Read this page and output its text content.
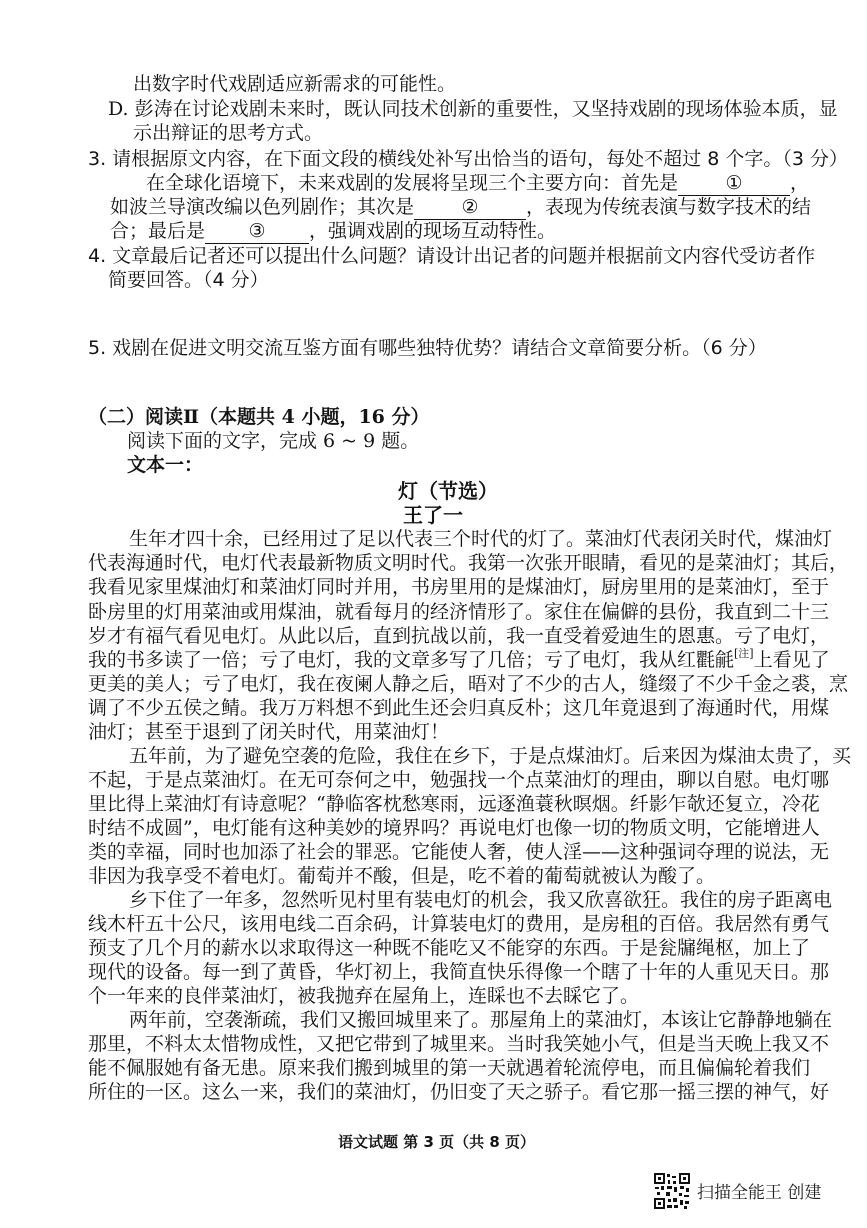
出数字时代戏剧适应新需求的可能性。
D. 彭涛在讨论戏剧未来时，既认同技术创新的重要性，又坚持戏剧的现场体验本质，显
示出辩证的思考方式。
3. 请根据原文内容，在下面文段的横线处补写出恰当的语句，每处不超过 8 个字。（3 分）
在全球化语境下，未来戏剧的发展将呈现三个主要方向：首先是 ① ，
如波兰导演改编以色列剧作；其次是 ② ，表现为传统表演与数字技术的结
合；最后是 ③ ，强调戏剧的现场互动特性。
4. 文章最后记者还可以提出什么问题？请设计出记者的问题并根据前文内容代受访者作
简要回答。（4 分）
5. 戏剧在促进文明交流互鉴方面有哪些独特优势？请结合文章简要分析。（6 分）
（二）阅读Ⅱ（本题共 4 小题，16 分）
阅读下面的文字，完成 6 ~ 9 题。
文本一：
灯（节选）
王了一
生年才四十余，已经用过了足以代表三个时代的灯了。菜油灯代表闭关时代，煤油灯
代表海通时代，电灯代表最新物质文明时代。我第一次张开眼睛，看见的是菜油灯；其后，
我看见家里煤油灯和菜油灯同时并用，书房里用的是煤油灯，厨房里用的是菜油灯，至于
卧房里的灯用菜油或用煤油，就看每月的经济情形了。家住在偏僻的县份，我直到二十三
岁才有福气看见电灯。从此以后，直到抗战以前，我一直受着爱迪生的恩惠。亏了电灯，
我的书多读了一倍；亏了电灯，我的文章多写了几倍；亏了电灯，我从红氍毹[注]上看见了
更美的美人；亏了电灯，我在夜阑人静之后，晤对了不少的古人，缝缀了不少千金之裘，烹
调了不少五侯之鲭。我万万料想不到此生还会归真反朴；这几年竟退到了海通时代，用煤
油灯；甚至于退到了闭关时代，用菜油灯！
五年前，为了避免空袭的危险，我住在乡下，于是点煤油灯。后来因为煤油太贵了，买
不起，于是点菜油灯。在无可奈何之中，勉强找一个点菜油灯的理由，聊以自慰。电灯哪
里比得上菜油灯有诗意呢？“静临客枕愁寒雨，远逐渔蓑秋暝烟。纤影乍欹还复立，冷花
时结不成圆”，电灯能有这种美妙的境界吗？再说电灯也像一切的物质文明，它能增进人
类的幸福，同时也加添了社会的罪恶。它能使人奢，使人淫——这种强词夺理的说法，无
非因为我享受不着电灯。葡萄并不酸，但是，吃不着的葡萄就被认为酸了。
乡下住了一年多，忽然听见村里有装电灯的机会，我又欣喜欲狂。我住的房子距离电
线木杆五十公尺，该用电线二百余码，计算装电灯的费用，是房租的百倍。我居然有勇气
预支了几个月的薪水以求取得这一种既不能吃又不能穿的东西。于是瓮牖绳枢，加上了
现代的设备。每一到了黄昏，华灯初上，我简直快乐得像一个瞎了十年的人重见天日。那
个一年来的良伴菜油灯，被我抛弃在屋角上，连睬也不去睬它了。
两年前，空袭渐疏，我们又搬回城里来了。那屋角上的菜油灯，本该让它静静地躺在
那里，不料太太惜物成性，又把它带到了城里来。当时我笑她小气，但是当天晚上我又不
能不佩服她有备无患。原来我们搬到城里的第一天就遇着轮流停电，而且偏偏轮着我们
所住的一区。这么一来，我们的菜油灯，仍旧变了天之骄子。看它那一摇三摆的神气，好
语文试题 第 3 页（共 8 页）
扫描全能王 创建
